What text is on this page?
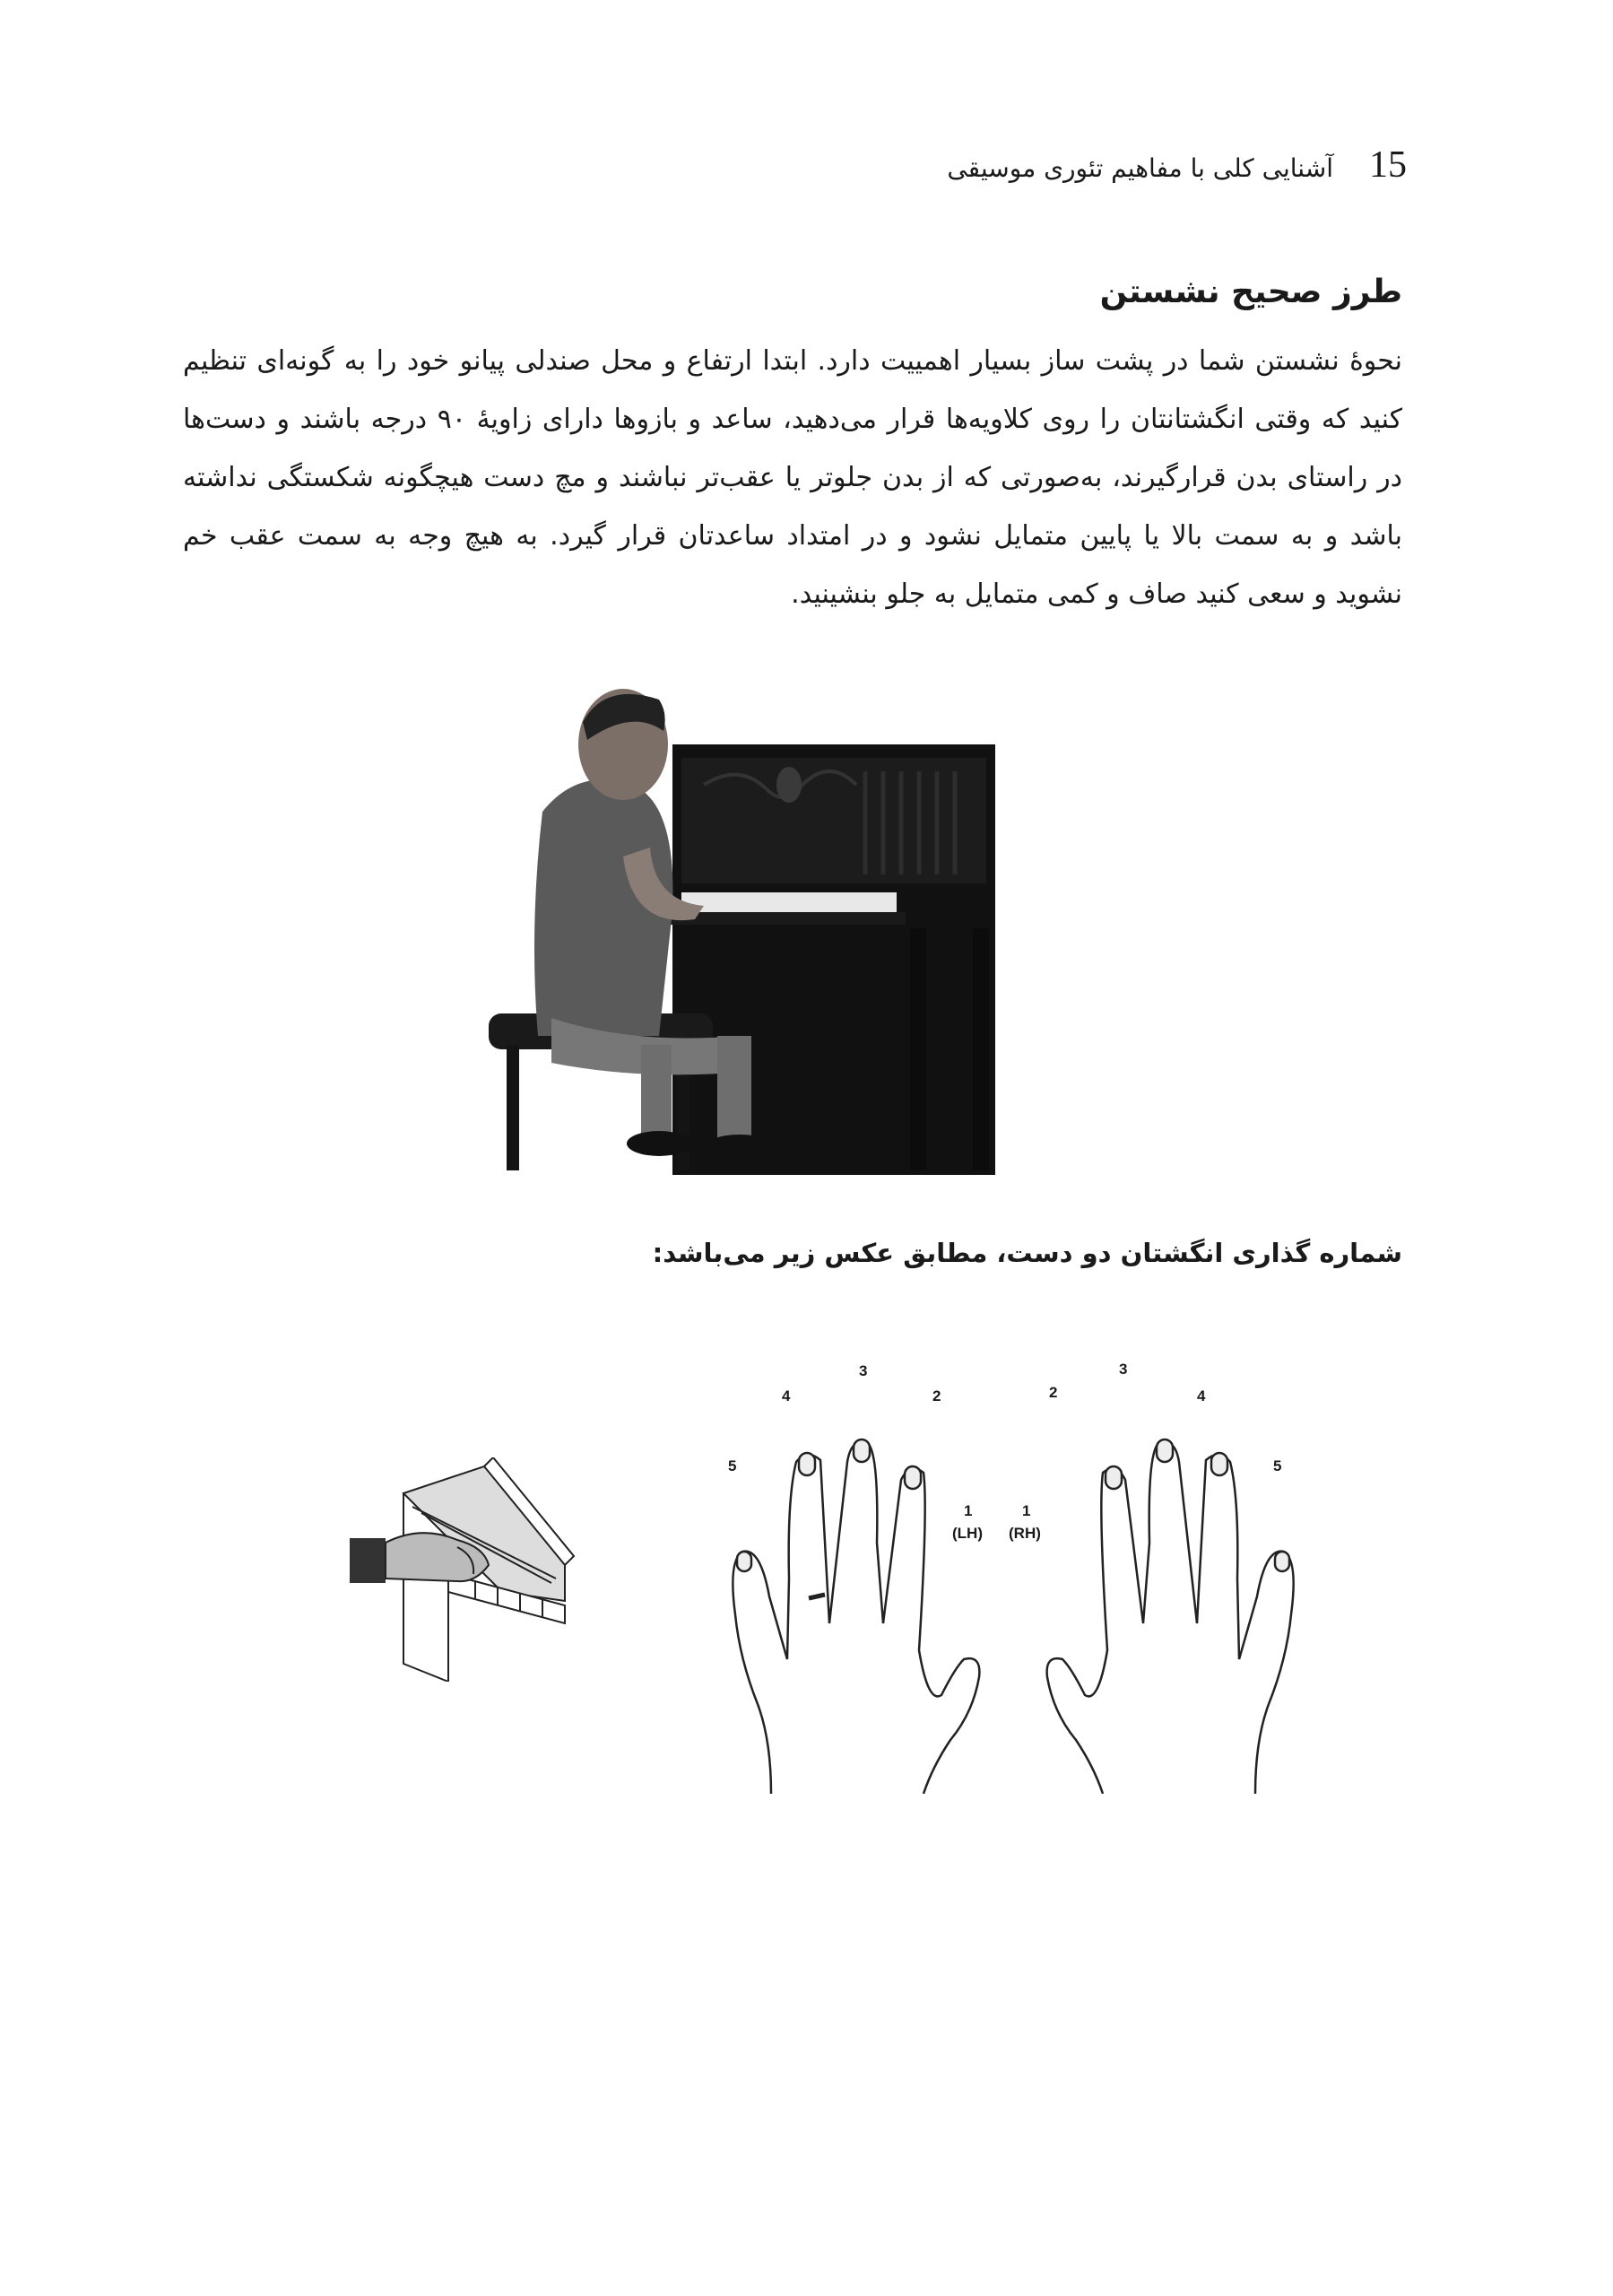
آشنایی کلی با مفاهیم تئوری موسیقی 15
طرز صحیح نشستن

نحوهٔ نشستن شما در پشت ساز بسیار اهمییت دارد. ابتدا ارتفاع و محل صندلی پیانو خود را به گونه‌ای تنظیم کنید که وقتی انگشتانتان را روی کلاویه‌ها قرار می‌دهید، ساعد و بازوها دارای زاویهٔ ۹۰ درجه باشند و دست‌ها در راستای بدن قرارگیرند، به‌صورتی که از بدن جلوتر یا عقب‌تر نباشند و مچ دست هیچگونه شکستگی نداشته باشد و به سمت بالا یا پایین متمایل نشود و در امتداد ساعدتان قرار گیرد. به هیچ وجه به سمت عقب خم نشوید و سعی کنید صاف و کمی متمایل به جلو بنشینید.

شماره گذاری انگشتان دو دست، مطابق عکس زیر می‌باشد:
5
4
3
2
1
(LH)
1
(RH)
2
3
4
5
